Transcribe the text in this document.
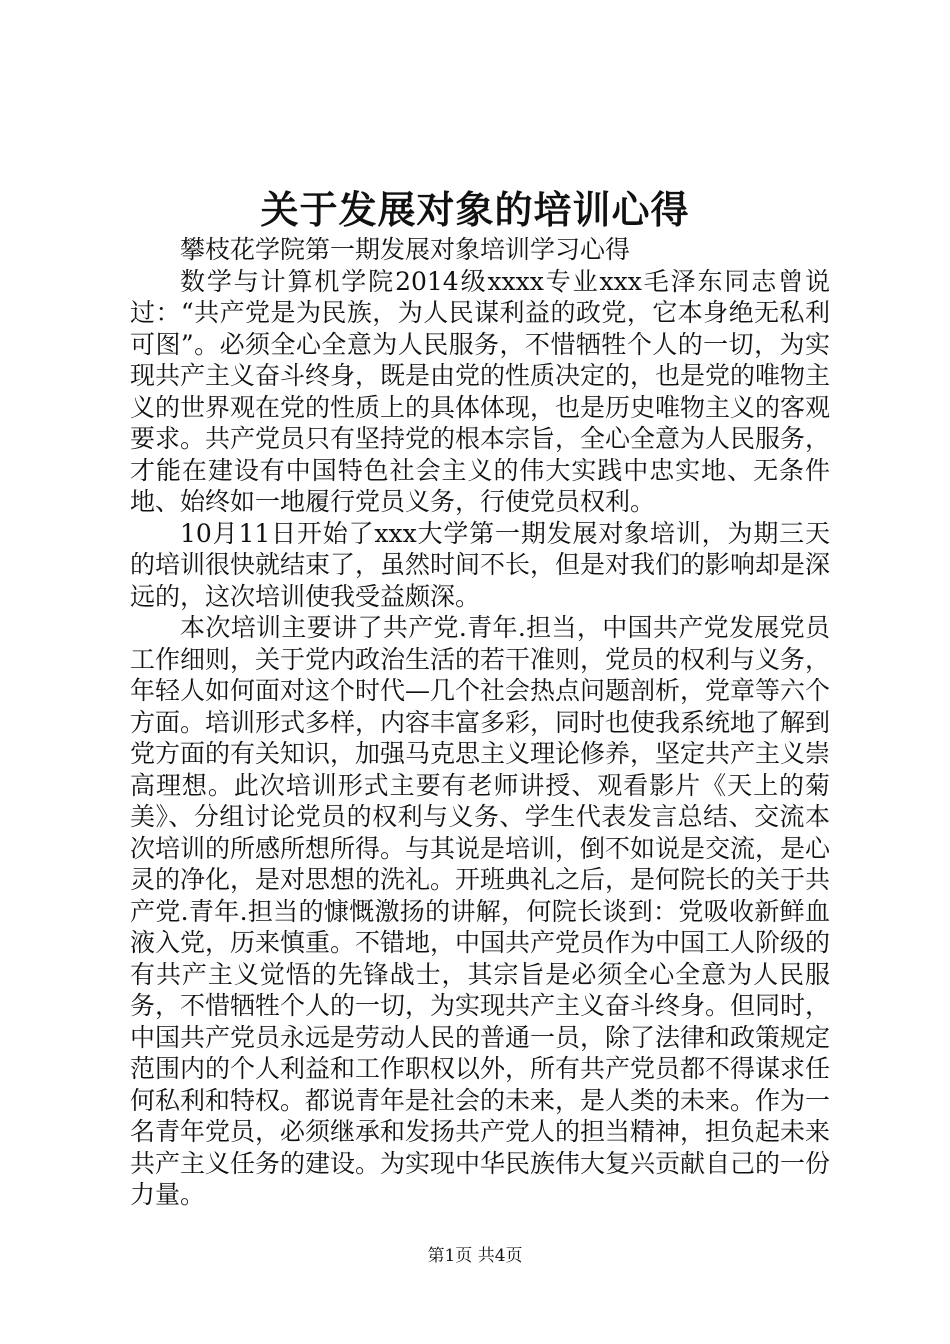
关于发展对象的培训心得

攀枝花学院第一期发展对象培训学习心得

数学与计算机学院2014级xxxx专业xxx毛泽东同志曾说过：“共产党是为民族，为人民谋利益的政党，它本身绝无私利可图”。必须全心全意为人民服务，不惜牺牲个人的一切，为实现共产主义奋斗终身，既是由党的性质决定的，也是党的唯物主义的世界观在党的性质上的具体体现，也是历史唯物主义的客观要求。共产党员只有坚持党的根本宗旨，全心全意为人民服务，才能在建设有中国特色社会主义的伟大实践中忠实地、无条件地、始终如一地履行党员义务，行使党员权利。

10月11日开始了xxx大学第一期发展对象培训，为期三天的培训很快就结束了，虽然时间不长，但是对我们的影响却是深远的，这次培训使我受益颇深。

本次培训主要讲了共产党.青年.担当，中国共产党发展党员工作细则，关于党内政治生活的若干准则，党员的权利与义务，年轻人如何面对这个时代—几个社会热点问题剖析，党章等六个方面。培训形式多样，内容丰富多彩，同时也使我系统地了解到党方面的有关知识，加强马克思主义理论修养，坚定共产主义崇高理想。此次培训形式主要有老师讲授、观看影片《天上的菊美》、分组讨论党员的权利与义务、学生代表发言总结、交流本次培训的所感所想所得。与其说是培训，倒不如说是交流，是心灵的净化，是对思想的洗礼。开班典礼之后，是何院长的关于共产党.青年.担当的慷慨激扬的讲解，何院长谈到：党吸收新鲜血液入党，历来慎重。不错地，中国共产党员作为中国工人阶级的有共产主义觉悟的先锋战士，其宗旨是必须全心全意为人民服务，不惜牺牲个人的一切，为实现共产主义奋斗终身。但同时，中国共产党员永远是劳动人民的普通一员，除了法律和政策规定范围内的个人利益和工作职权以外，所有共产党员都不得谋求任何私利和特权。都说青年是社会的未来，是人类的未来。作为一名青年党员，必须继承和发扬共产党人的担当精神，担负起未来共产主义任务的建设。为实现中华民族伟大复兴贡献自己的一份力量。

第1页 共4页
